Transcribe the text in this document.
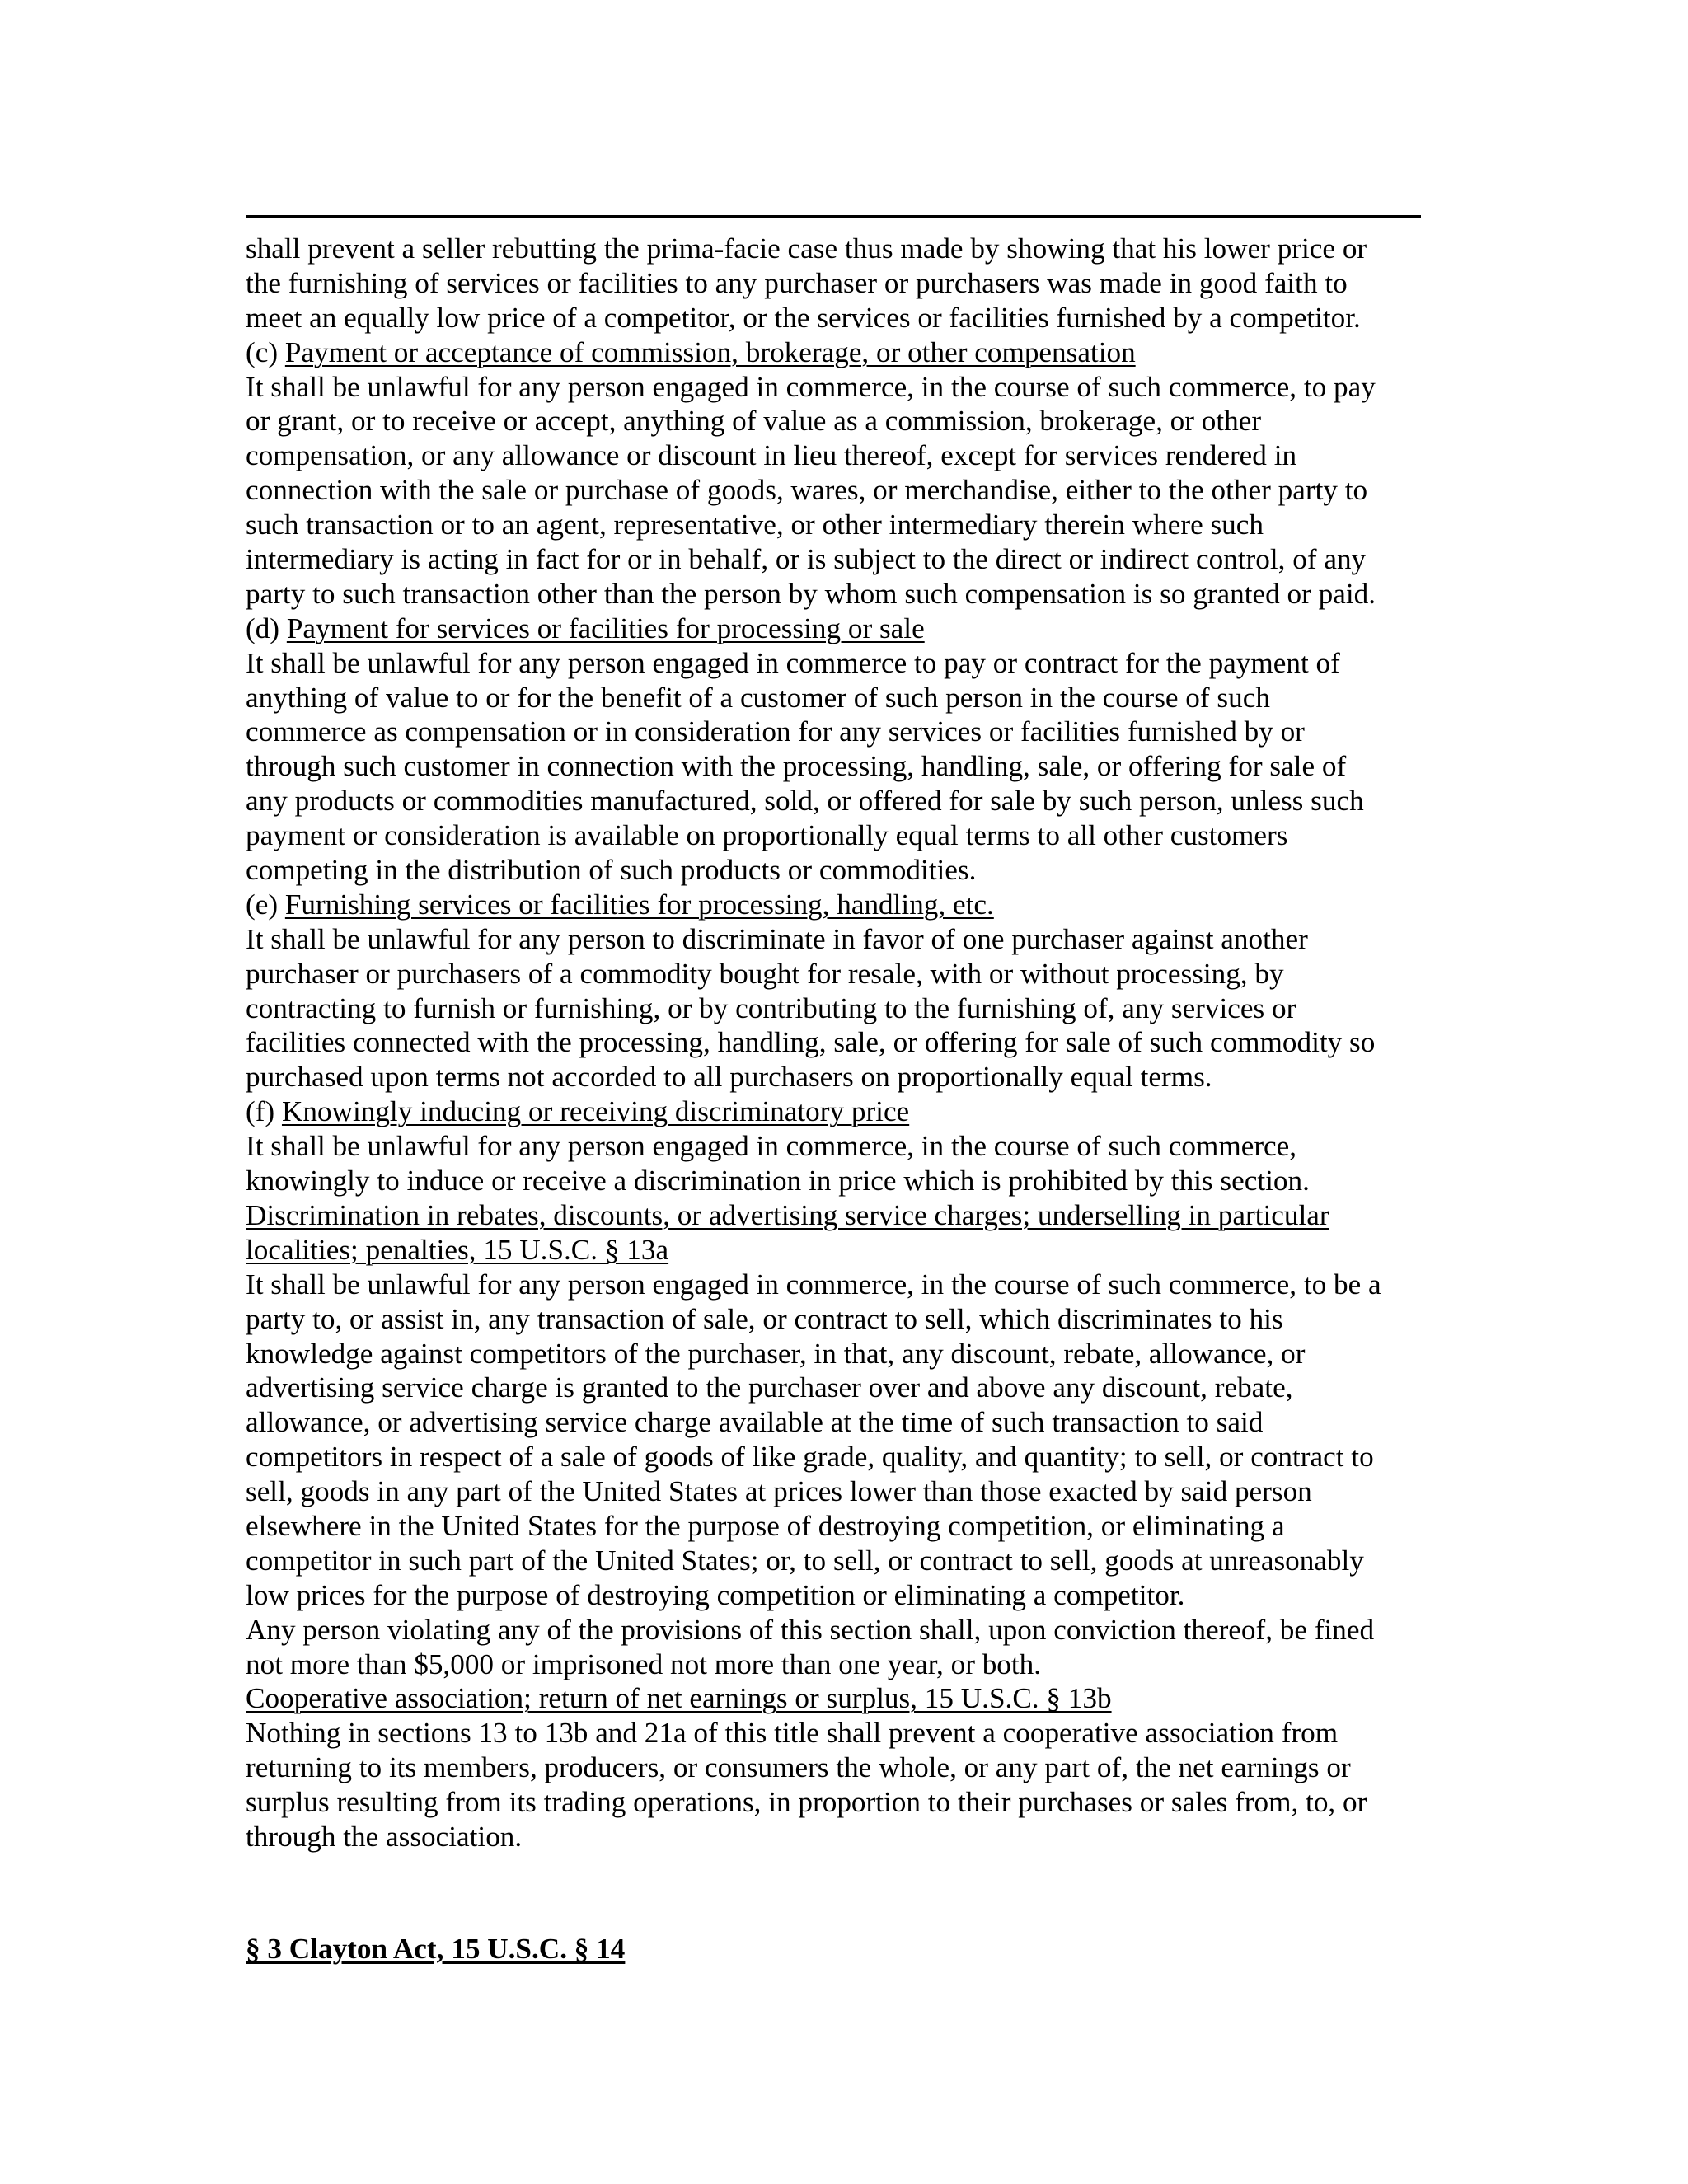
shall prevent a seller rebutting the prima-facie case thus made by showing that his lower price or
the furnishing of services or facilities to any purchaser or purchasers was made in good faith to
meet an equally low price of a competitor, or the services or facilities furnished by a competitor.
(c) Payment or acceptance of commission, brokerage, or other compensation
It shall be unlawful for any person engaged in commerce, in the course of such commerce, to pay
or grant, or to receive or accept, anything of value as a commission, brokerage, or other
compensation, or any allowance or discount in lieu thereof, except for services rendered in
connection with the sale or purchase of goods, wares, or merchandise, either to the other party to
such transaction or to an agent, representative, or other intermediary therein where such
intermediary is acting in fact for or in behalf, or is subject to the direct or indirect control, of any
party to such transaction other than the person by whom such compensation is so granted or paid.
(d) Payment for services or facilities for processing or sale
It shall be unlawful for any person engaged in commerce to pay or contract for the payment of
anything of value to or for the benefit of a customer of such person in the course of such
commerce as compensation or in consideration for any services or facilities furnished by or
through such customer in connection with the processing, handling, sale, or offering for sale of
any products or commodities manufactured, sold, or offered for sale by such person, unless such
payment or consideration is available on proportionally equal terms to all other customers
competing in the distribution of such products or commodities.
(e) Furnishing services or facilities for processing, handling, etc.
It shall be unlawful for any person to discriminate in favor of one purchaser against another
purchaser or purchasers of a commodity bought for resale, with or without processing, by
contracting to furnish or furnishing, or by contributing to the furnishing of, any services or
facilities connected with the processing, handling, sale, or offering for sale of such commodity so
purchased upon terms not accorded to all purchasers on proportionally equal terms.
(f) Knowingly inducing or receiving discriminatory price
It shall be unlawful for any person engaged in commerce, in the course of such commerce,
knowingly to induce or receive a discrimination in price which is prohibited by this section.
Discrimination in rebates, discounts, or advertising service charges; underselling in particular
localities; penalties, 15 U.S.C. § 13a
It shall be unlawful for any person engaged in commerce, in the course of such commerce, to be a
party to, or assist in, any transaction of sale, or contract to sell, which discriminates to his
knowledge against competitors of the purchaser, in that, any discount, rebate, allowance, or
advertising service charge is granted to the purchaser over and above any discount, rebate,
allowance, or advertising service charge available at the time of such transaction to said
competitors in respect of a sale of goods of like grade, quality, and quantity; to sell, or contract to
sell, goods in any part of the United States at prices lower than those exacted by said person
elsewhere in the United States for the purpose of destroying competition, or eliminating a
competitor in such part of the United States; or, to sell, or contract to sell, goods at unreasonably
low prices for the purpose of destroying competition or eliminating a competitor.
Any person violating any of the provisions of this section shall, upon conviction thereof, be fined
not more than $5,000 or imprisoned not more than one year, or both.
Cooperative association; return of net earnings or surplus, 15 U.S.C. § 13b
Nothing in sections 13 to 13b and 21a of this title shall prevent a cooperative association from
returning to its members, producers, or consumers the whole, or any part of, the net earnings or
surplus resulting from its trading operations, in proportion to their purchases or sales from, to, or
through the association.
§ 3 Clayton Act, 15 U.S.C. § 14
